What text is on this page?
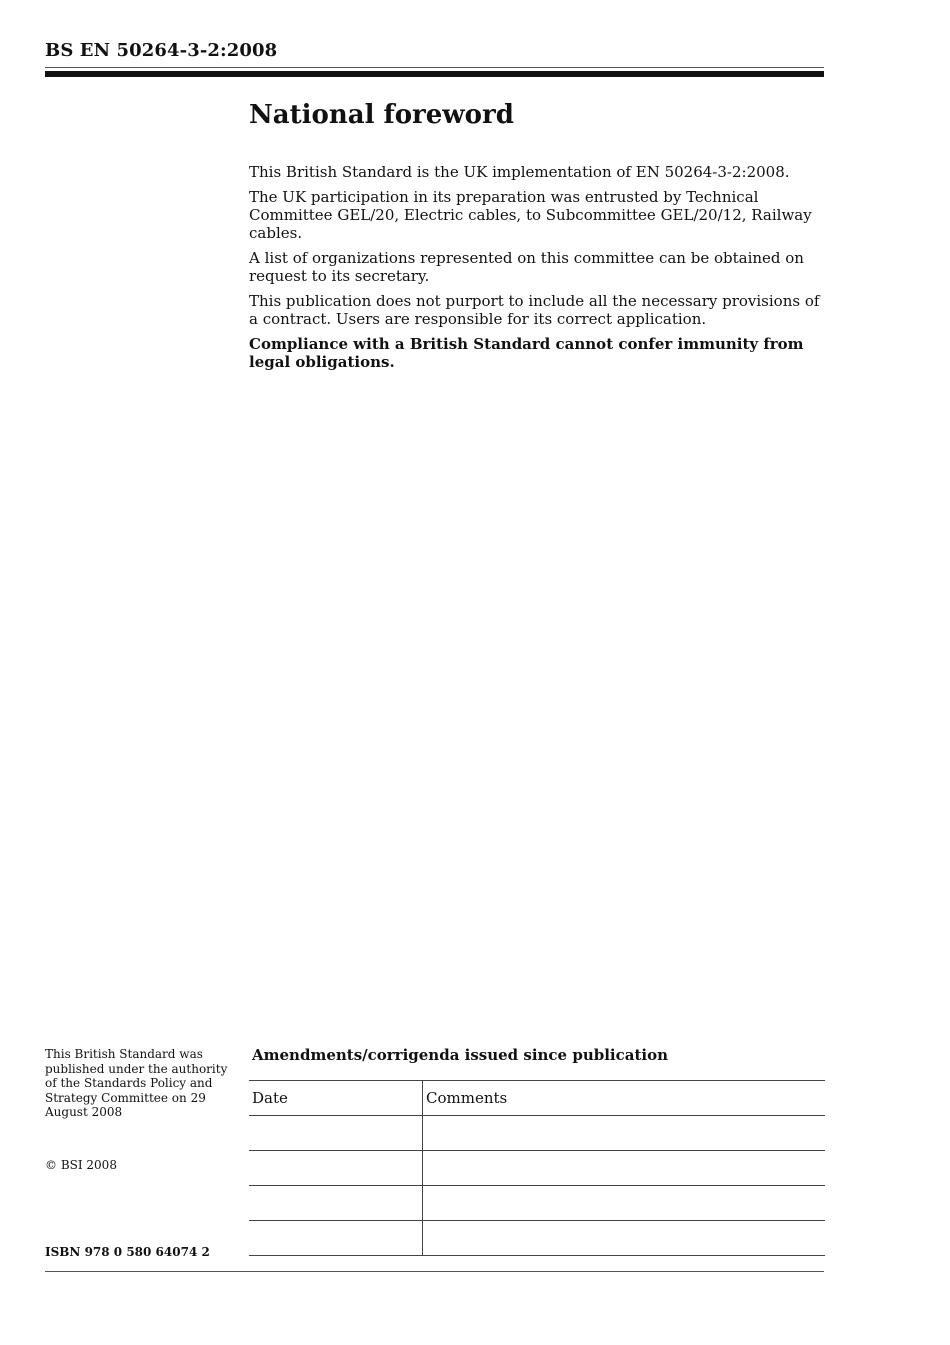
BS EN 50264-3-2:2008
National foreword

This British Standard is the UK implementation of EN 50264-3-2:2008.

The UK participation in its preparation was entrusted by Technical Committee GEL/20, Electric cables, to Subcommittee GEL/20/12, Railway cables.

A list of organizations represented on this committee can be obtained on request to its secretary.

This publication does not purport to include all the necessary provisions of a contract. Users are responsible for its correct application.

Compliance with a British Standard cannot confer immunity from legal obligations.

This British Standard was published under the authority of the Standards Policy and Strategy Committee on 29 August 2008
© BSI 2008
ISBN 978 0 580 64074 2
Amendments/corrigenda issued since publication
Date	Comments
